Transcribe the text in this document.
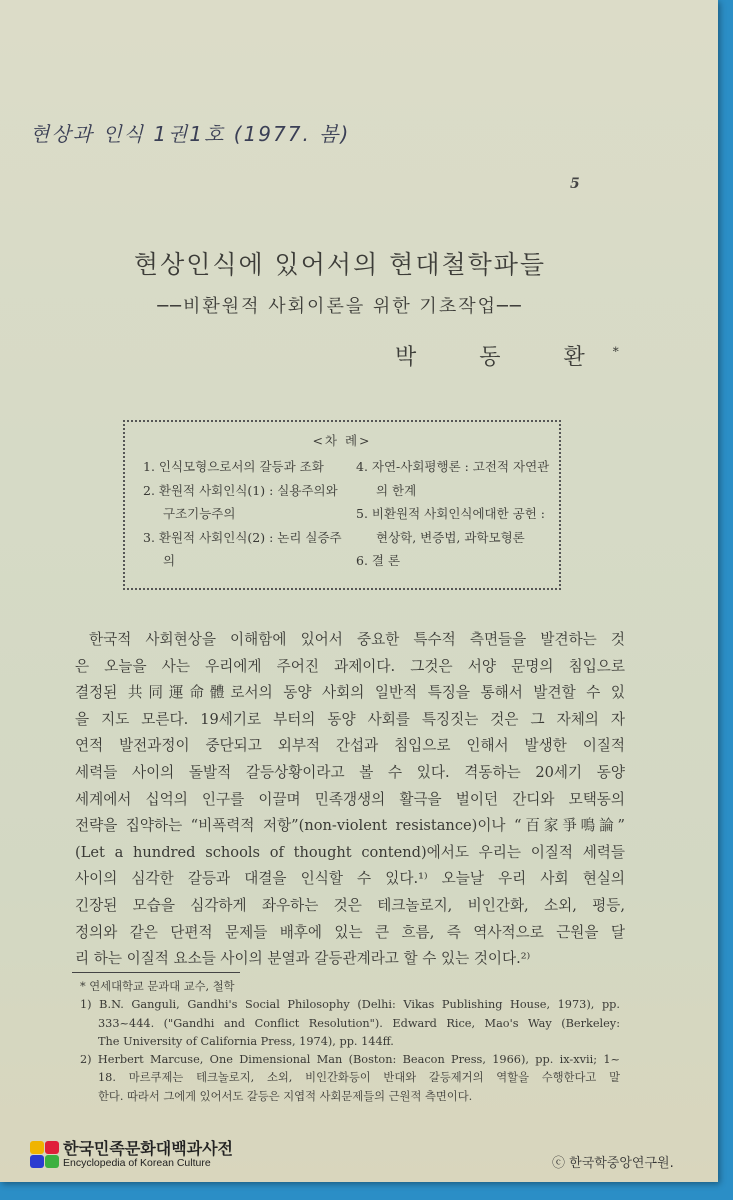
현상과 인식 1권1호 (1977. 봄)
5
현상인식에 있어서의 현대철학파들
──비환원적 사회이론을 위한 기초작업──
박 동 환*
<차 례>
1. 인식모형으로서의 갈등과 조화
2. 환원적 사회인식(1) : 실용주의와 구조기능주의
3. 환원적 사회인식(2) : 논리 실증주의
4. 자연-사회평행론 : 고전적 자연관의 한계
5. 비환원적 사회인식에대한 공헌 : 현상학, 변증법, 과학모형론
6. 결 론
한국적 사회현상을 이해함에 있어서 중요한 특수적 측면들을 발견하는 것
은 오늘을 사는 우리에게 주어진 과제이다. 그것은 서양 문명의 침입으로
결정된 共同運命體로서의 동양 사회의 일반적 특징을 통해서 발견할 수 있
을 지도 모른다. 19세기로 부터의 동양 사회를 특징짓는 것은 그 자체의 자
연적 발전과정이 중단되고 외부적 간섭과 침입으로 인해서 발생한 이질적
세력들 사이의 돌발적 갈등상황이라고 볼 수 있다. 격동하는 20세기 동양
세계에서 십억의 인구를 이끌며 민족갱생의 활극을 벌이던 간디와 모택동의
전략을 집약하는 “비폭력적 저항”(non-violent resistance)이나 “百家爭鳴論”
(Let a hundred schools of thought contend)에서도 우리는 이질적 세력들
사이의 심각한 갈등과 대결을 인식할 수 있다.¹⁾ 오늘날 우리 사회 현실의
긴장된 모습을 심각하게 좌우하는 것은 테크놀로지, 비인간화, 소외, 평등,
정의와 같은 단편적 문제들 배후에 있는 큰 흐름, 즉 역사적으로 근원을 달
리 하는 이질적 요소들 사이의 분열과 갈등관계라고 할 수 있는 것이다.²⁾
* 연세대학교 문과대 교수, 철학
1) B.N. Ganguli, Gandhi's Social Philosophy (Delhi: Vikas Publishing House, 1973), pp.
333~444. ("Gandhi and Conflict Resolution"). Edward Rice, Mao's Way (Berkeley:
The University of California Press, 1974), pp. 144ff.
2) Herbert Marcuse, One Dimensional Man (Boston: Beacon Press, 1966), pp. ix-xvii; 1~
18. 마르쿠제는 테크놀로지, 소외, 비인간화등이 반대와 갈등제거의 역할을 수행한다고 말
한다. 따라서 그에게 있어서도 갈등은 지엽적 사회문제들의 근원적 측면이다.
한국민족문화대백과사전
Encyclopedia of Korean Culture	ⓒ 한국학중앙연구원.
